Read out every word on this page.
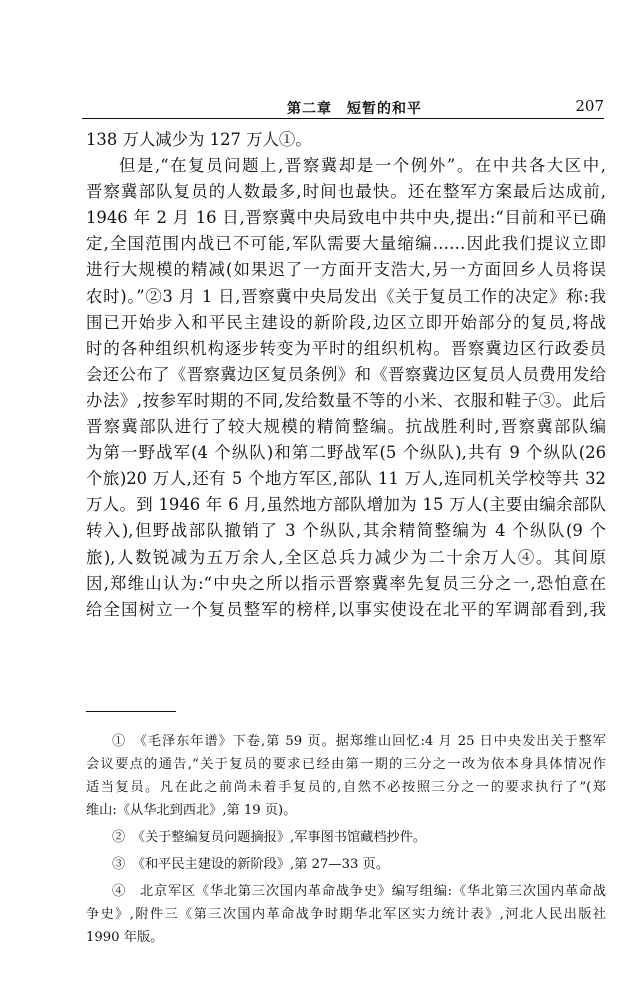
第二章　短暂的和平	207
138 万人减少为 127 万人①。
但是,“在复员问题上,晋察冀却是一个例外”。在中共各大区中,
晋察冀部队复员的人数最多,时间也最快。还在整军方案最后达成前,
1946 年 2 月 16 日,晋察冀中央局致电中共中央,提出:“目前和平已确
定,全国范围内战已不可能,军队需要大量缩编……因此我们提议立即
进行大规模的精减(如果迟了一方面开支浩大,另一方面回乡人员将误
农时)。”②3 月 1 日,晋察冀中央局发出《关于复员工作的决定》称:我
围已开始步入和平民主建设的新阶段,边区立即开始部分的复员,将战
时的各种组织机构逐步转变为平时的组织机构。晋察冀边区行政委员
会还公布了《晋察冀边区复员条例》和《晋察冀边区复员人员费用发给
办法》,按参军时期的不同,发给数量不等的小米、衣服和鞋子③。此后
晋察冀部队进行了较大规模的精简整编。抗战胜利时,晋察冀部队编
为第一野战军(4 个纵队)和第二野战军(5 个纵队),共有 9 个纵队(26
个旅)20 万人,还有 5 个地方军区,部队 11 万人,连同机关学校等共 32
万人。到 1946 年 6 月,虽然地方部队增加为 15 万人(主要由编余部队
转入),但野战部队撤销了 3 个纵队,其余精简整编为 4 个纵队(9 个
旅),人数锐减为五万余人,全区总兵力减少为二十余万人④。其间原
因,郑维山认为:“中央之所以指示晋察冀率先复员三分之一,恐怕意在
给全国树立一个复员整军的榜样,以事实使设在北平的军调部看到,我
①　《毛泽东年谱》下卷,第 59 页。据郑维山回忆:4 月 25 日中央发出关于整军
会议要点的通告,“关于复员的要求已经由第一期的三分之一改为依本身具体情况作
适当复员。凡在此之前尚未着手复员的,自然不必按照三分之一的要求执行了”(郑
维山:《从华北到西北》,第 19 页)。
②　《关于整编复员问题摘报》,军事图书馆藏档抄件。
③　《和平民主建设的新阶段》,第 27—33 页。
④　北京军区《华北第三次国内革命战争史》编写组编:《华北第三次国内革命战
争史》,附件三《第三次国内革命战争时期华北军区实力统计表》,河北人民出版社
1990 年版。
